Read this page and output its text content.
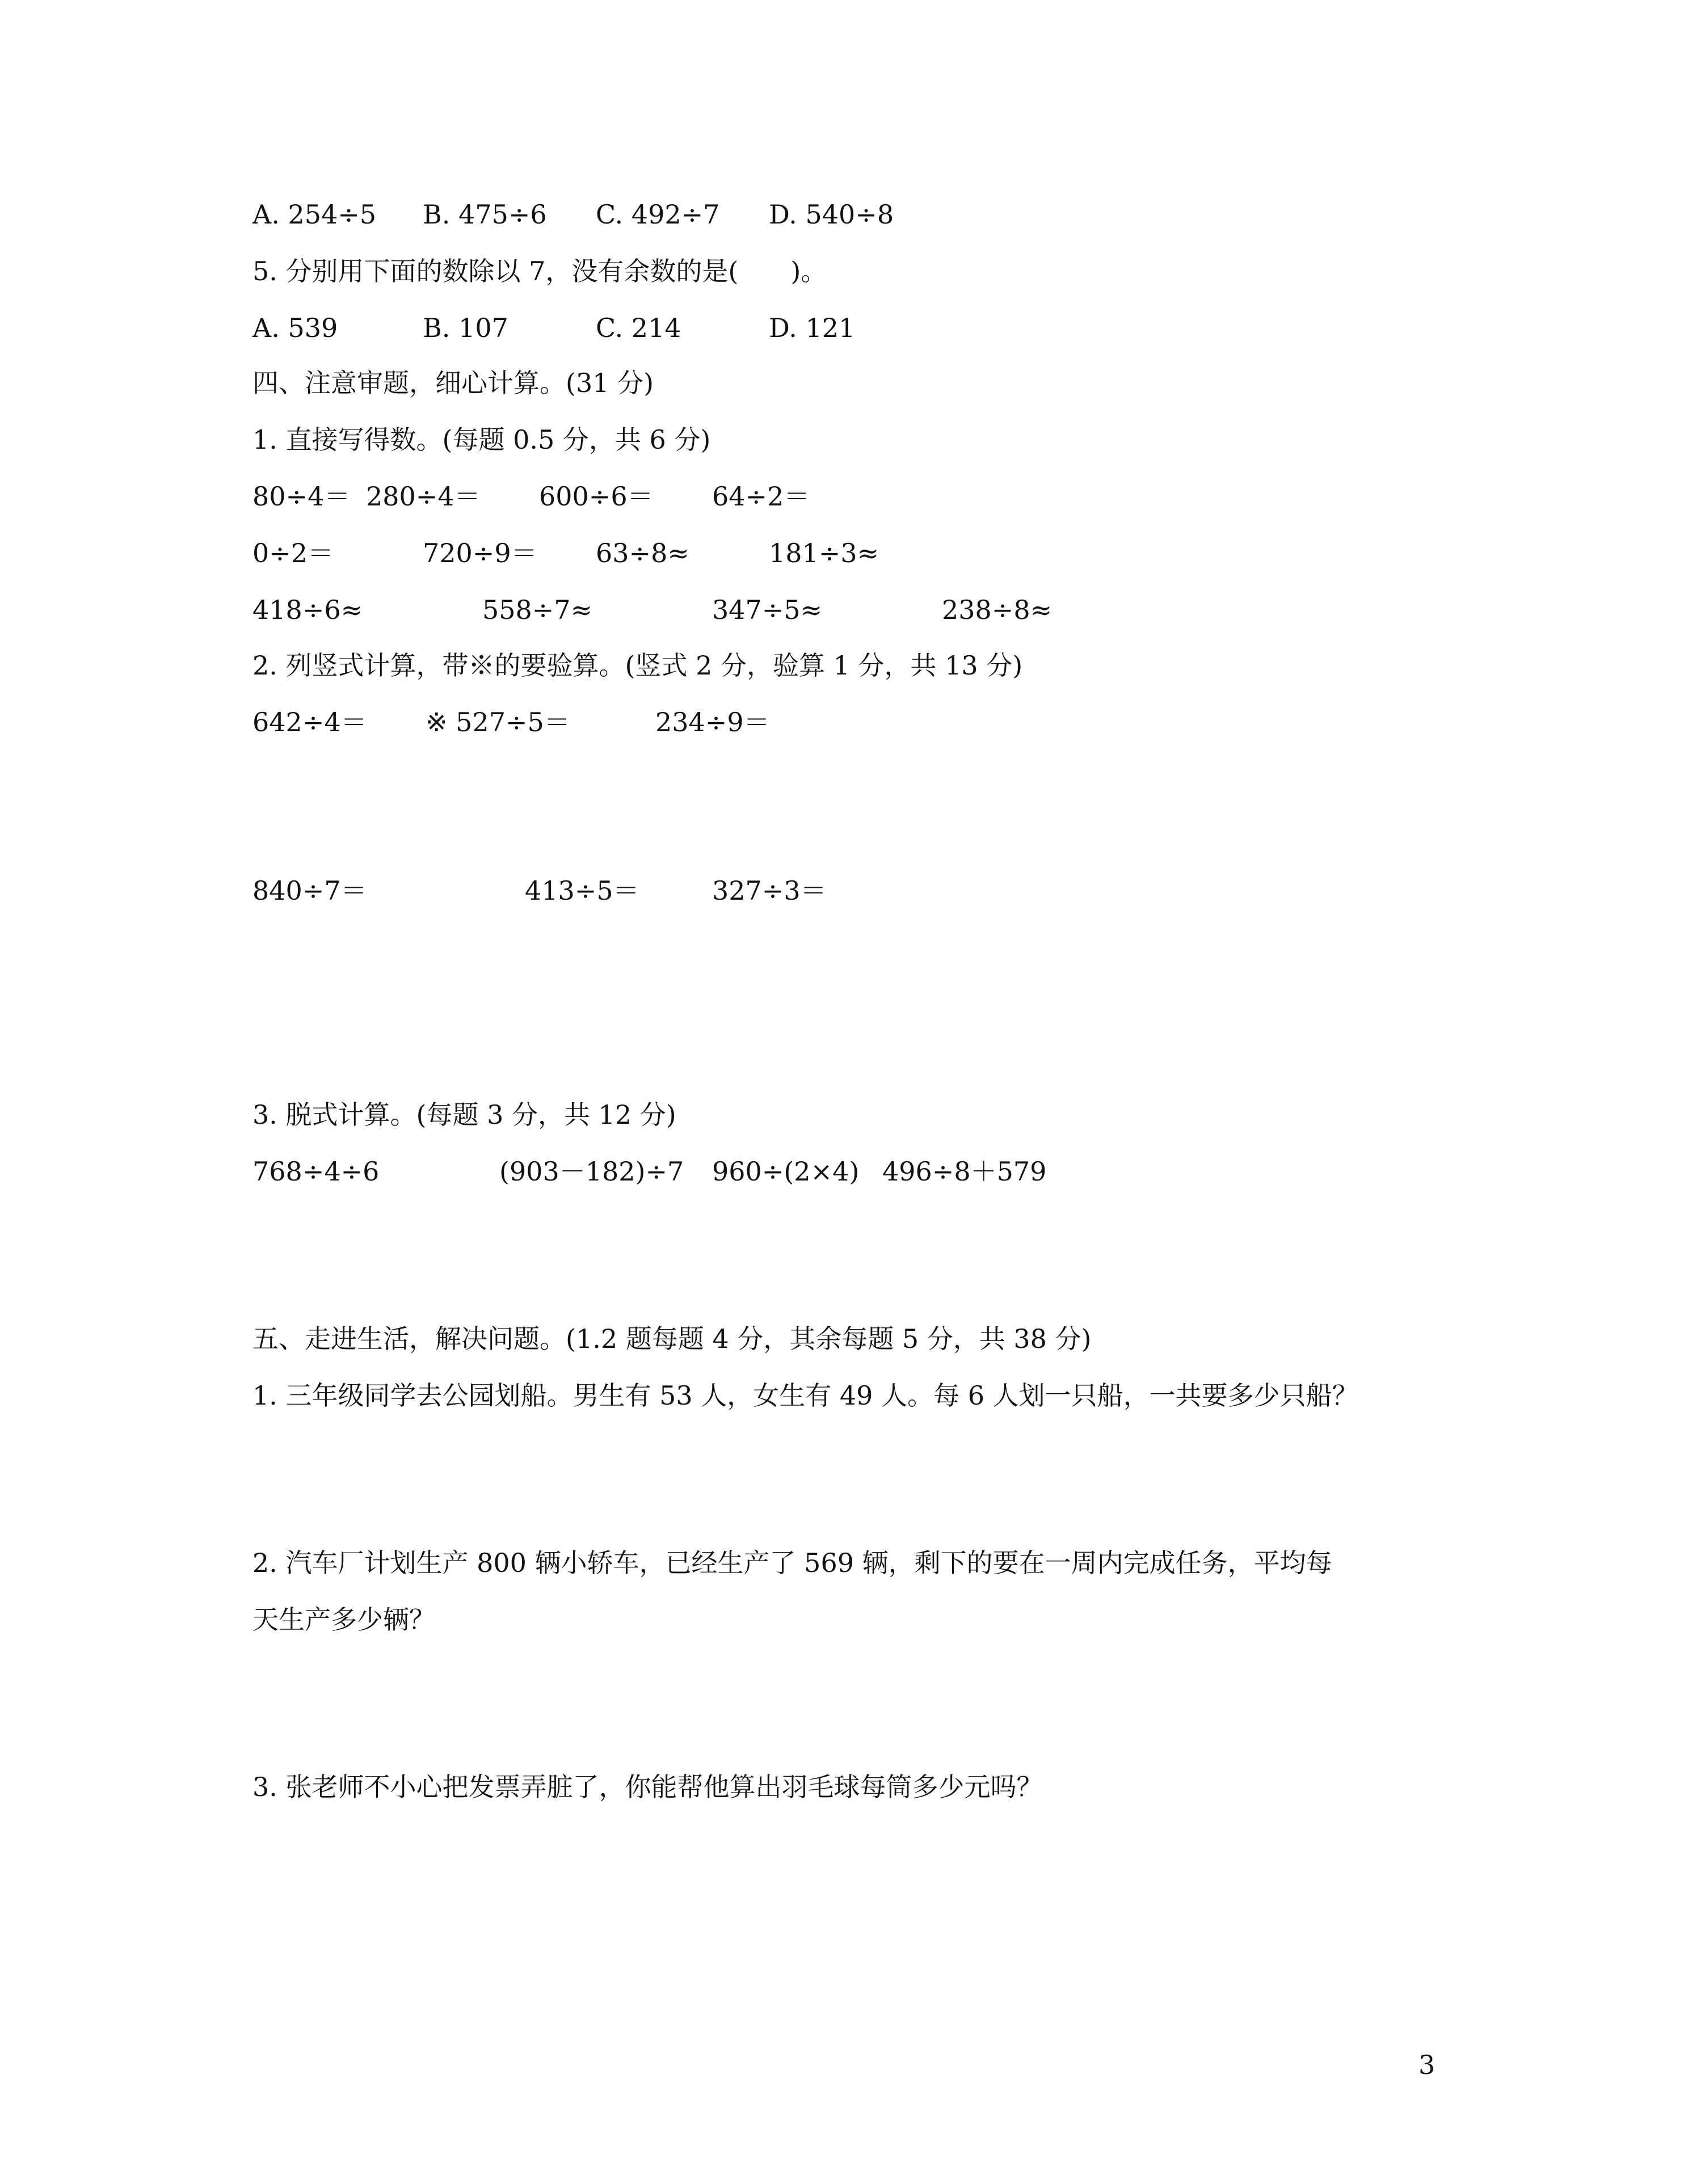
A. 254÷5 B. 475÷6 C. 492÷7 D. 540÷8
5. 分别用下面的数除以 7，没有余数的是(　　)。
A. 539	B. 107	C. 214	D. 121
四、注意审题，细心计算。(31 分)
1. 直接写得数。(每题 0.5 分，共 6 分)
80÷4＝ 280÷4＝ 600÷6＝ 64÷2＝
0÷2＝	720÷9＝ 63÷8≈	181÷3≈
418÷6≈	558÷7≈	347÷5≈	238÷8≈
2. 列竖式计算，带※的要验算。(竖式 2 分，验算 1 分，共 13 分)
642÷4＝ ※ 527÷5＝	234÷9＝
840÷7＝	413÷5＝	327÷3＝
3. 脱式计算。(每题 3 分，共 12 分)
768÷4÷6	(903－182)÷7 960÷(2×4) 496÷8＋579
五、走进生活，解决问题。(1.2 题每题 4 分，其余每题 5 分，共 38 分)
1. 三年级同学去公园划船。男生有 53 人，女生有 49 人。每 6 人划一只船，一共要多少只船？
2. 汽车厂计划生产 800 辆小轿车，已经生产了 569 辆，剩下的要在一周内完成任务，平均每
天生产多少辆？
3. 张老师不小心把发票弄脏了，你能帮他算出羽毛球每筒多少元吗？
3
